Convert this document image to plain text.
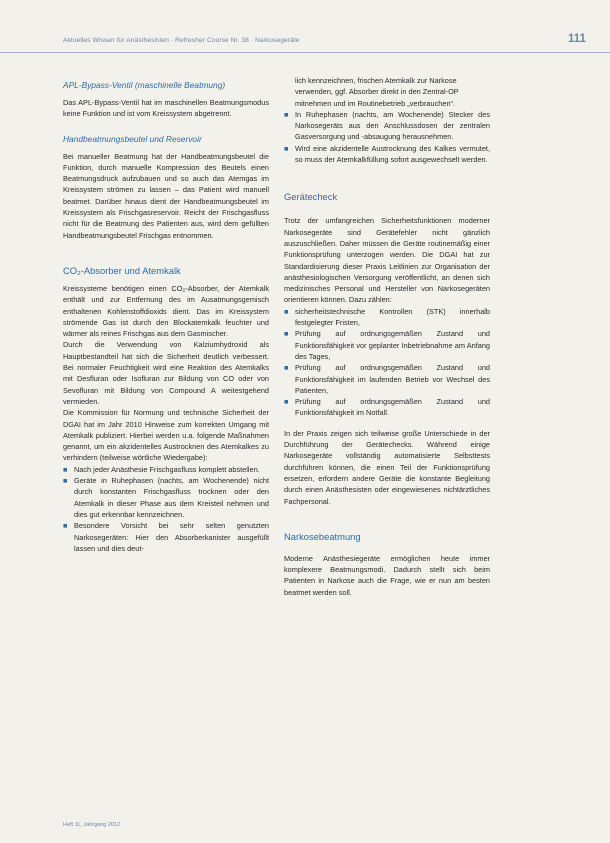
Aktuelles Wissen für Anästhesisten · Refresher Course Nr. 38 · Narkosegeräte	111
APL-Bypass-Ventil (maschinelle Beatmung)

Das APL-Bypass-Ventil hat im maschinellen Beatmungsmodus keine Funktion und ist vom Kreissystem abgetrennt.

Handbeatmungsbeutel und Reservoir

Bei manueller Beatmung hat der Handbeatmungsbeutel die Funktion, durch manuelle Kompression des Beutels einen Beatmungsdruck aufzubauen und so auch das Atemgas im Kreissystem strömen zu lassen – das Patient wird manuell beatmet. Darüber hinaus dient der Handbeatmungsbeutel im Kreissystem als Frischgasreservoir. Reicht der Frischgasfluss nicht für die Beatmung des Patienten aus, wird dem gefüllten Handbeatmungsbeutel Frischgas entnommen.

CO₂-Absorber und Atemkalk

Kreissysteme benötigen einen CO₂-Absorber, der Atemkalk enthält und zur Entfernung des im Ausatmungsgemisch enthaltenen Kohlenstoffdioxids dient. Das im Kreissystem strömende Gas ist durch den Blockatemkalk feuchter und wärmer als reines Frischgas aus dem Gasmischer.

Durch die Verwendung von Kalziumhydroxid als Hauptbestandteil hat sich die Sicherheit deutlich verbessert. Bei normaler Feuchtigkeit wird eine Reaktion des Atemkalks mit Desfluran oder Isofluran zur Bildung von CO oder von Sevofluran mit Bildung von Compound A weitestgehend vermieden.

Die Kommission für Normung und technische Sicherheit der DGAI hat im Jahr 2010 Hinweise zum korrekten Umgang mit Atemkalk publiziert. Hierbei werden u.a. folgende Maßnahmen genannt, um ein akzidentelles Austrocknen des Atemkalkes zu verhindern (teilweise wörtliche Wiedergabe):

■ Nach jeder Anästhesie Frischgasfluss komplett abstellen.
■ Geräte in Ruhephasen (nachts, am Wochenende) nicht durch konstanten Frischgasfluss trocknen oder den Atemkalk in dieser Phase aus dem Kreisteil nehmen und dies gut erkennbar kennzeichnen.
■ Besondere Vorsicht bei sehr selten genutzten Narkosegeräten: Hier den Absorberkanister ausgefüllt lassen und dies deut-
lich kennzeichnen, frischen Atemkalk zur Narkose verwenden, ggf. Absorber direkt in den Zentral-OP mitnehmen und im Routinebetrieb „verbrauchen“.
■ In Ruhephasen (nachts, am Wochenende) Stecker des Narkosegeräts aus den Anschlussdosen der zentralen Gasversorgung und -absaugung herausnehmen.
■ Wird eine akzidentelle Austrocknung des Kalkes vermutet, so muss der Atemkalkfüllung sofort ausgewechselt werden.
Gerätecheck

Trotz der umfangreichen Sicherheitsfunktionen moderner Narkosegeräte sind Gerätefehler nicht gänzlich auszuschließen. Daher müssen die Geräte routinemäßig einer Funktionsprüfung unterzogen werden. Die DGAI hat zur Standardisierung dieser Praxis Leitlinien zur Organisation der anästhesiologischen Versorgung veröffentlicht, an denen sich medizinisches Personal und Hersteller von Narkosegeräten orientieren können. Dazu zählen:

■ sicherheitstechnische Kontrollen (STK) innerhalb festgelegter Fristen,
■ Prüfung auf ordnungsgemäßen Zustand und Funktionsfähigkeit vor geplanter Inbetriebnahme am Anfang des Tages,
■ Prüfung auf ordnungsgemäßen Zustand und Funktionsfähigkeit im laufenden Betrieb vor Wechsel des Patienten,
■ Prüfung auf ordnungsgemäßen Zustand und Funktionsfähigkeit im Notfall.

In der Praxis zeigen sich teilweise große Unterschiede in der Durchführung der Gerätechecks. Während einige Narkosegeräte vollständig automatisierte Selbsttests durchführen können, die einen Teil der Funktionsprüfung ersetzen, erfordern andere Geräte die konstante Begleitung durch einen Anästhesisten oder eingewiesenes nichtärztliches Fachpersonal.

Narkosebeatmung

Moderne Anästhesiegeräte ermöglichen heute immer komplexere Beatmungsmodi. Dadurch stellt sich beim Patienten in Narkose auch die Frage, wie er nun am besten beatmet werden soll.

Heft 11, Jahrgang 2012
